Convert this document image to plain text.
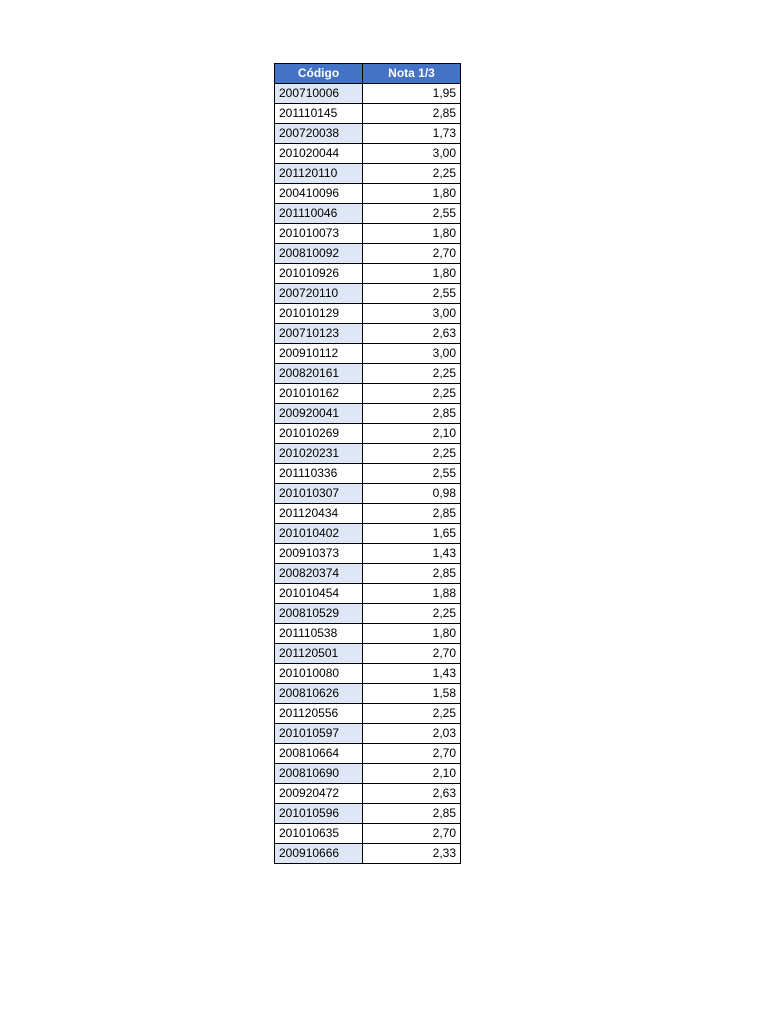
Código	Nota 1/3
200710006	1,95
201110145	2,85
200720038	1,73
201020044	3,00
201120110	2,25
200410096	1,80
201110046	2,55
201010073	1,80
200810092	2,70
201010926	1,80
200720110	2,55
201010129	3,00
200710123	2,63
200910112	3,00
200820161	2,25
201010162	2,25
200920041	2,85
201010269	2,10
201020231	2,25
201110336	2,55
201010307	0,98
201120434	2,85
201010402	1,65
200910373	1,43
200820374	2,85
201010454	1,88
200810529	2,25
201110538	1,80
201120501	2,70
201010080	1,43
200810626	1,58
201120556	2,25
201010597	2,03
200810664	2,70
200810690	2,10
200920472	2,63
201010596	2,85
201010635	2,70
200910666	2,33
